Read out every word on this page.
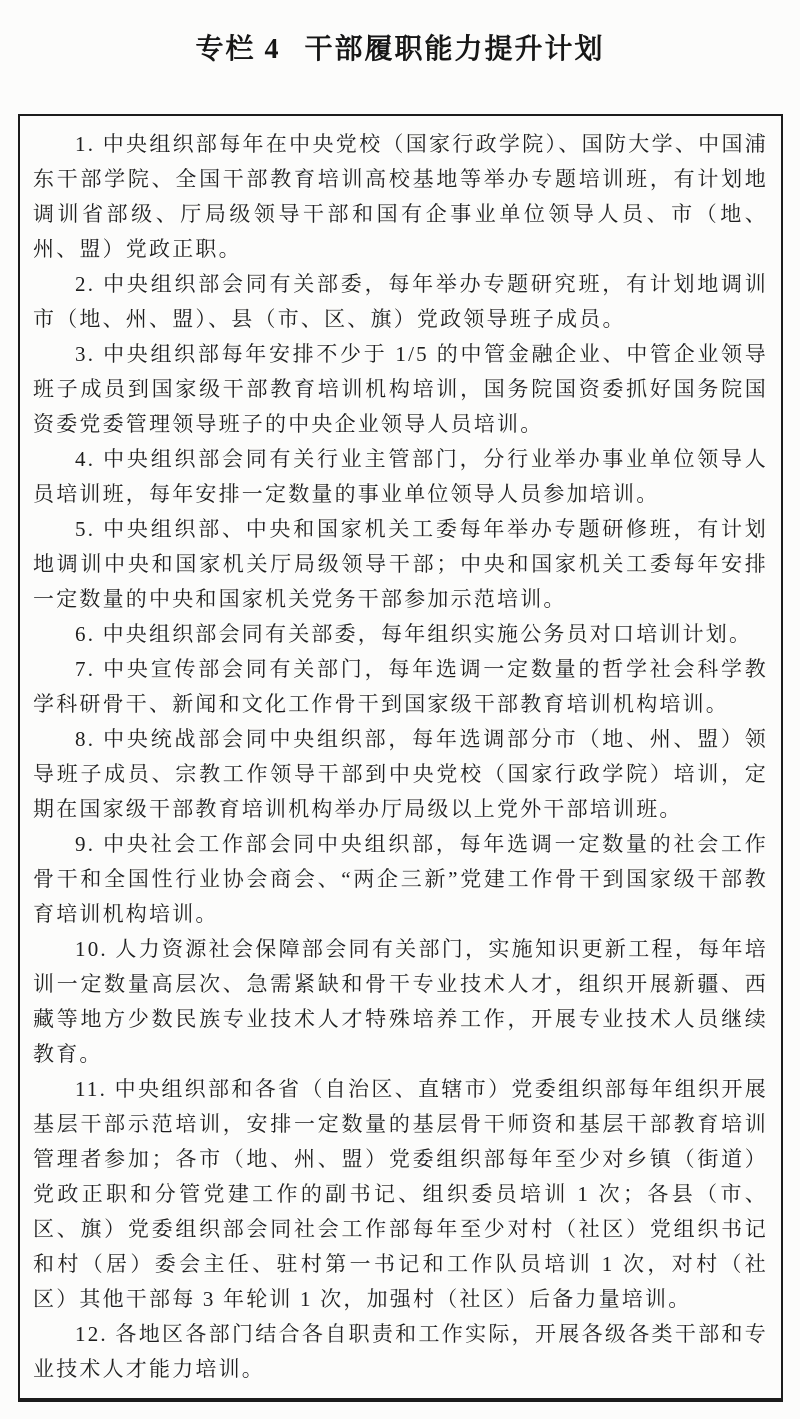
专栏 4 干部履职能力提升计划

1. 中央组织部每年在中央党校（国家行政学院）、国防大学、中国浦东干部学院、全国干部教育培训高校基地等举办专题培训班，有计划地调训省部级、厅局级领导干部和国有企事业单位领导人员、市（地、州、盟）党政正职。

2. 中央组织部会同有关部委，每年举办专题研究班，有计划地调训市（地、州、盟）、县（市、区、旗）党政领导班子成员。

3. 中央组织部每年安排不少于 1/5 的中管金融企业、中管企业领导班子成员到国家级干部教育培训机构培训，国务院国资委抓好国务院国资委党委管理领导班子的中央企业领导人员培训。

4. 中央组织部会同有关行业主管部门，分行业举办事业单位领导人员培训班，每年安排一定数量的事业单位领导人员参加培训。

5. 中央组织部、中央和国家机关工委每年举办专题研修班，有计划地调训中央和国家机关厅局级领导干部；中央和国家机关工委每年安排一定数量的中央和国家机关党务干部参加示范培训。

6. 中央组织部会同有关部委，每年组织实施公务员对口培训计划。

7. 中央宣传部会同有关部门，每年选调一定数量的哲学社会科学教学科研骨干、新闻和文化工作骨干到国家级干部教育培训机构培训。

8. 中央统战部会同中央组织部，每年选调部分市（地、州、盟）领导班子成员、宗教工作领导干部到中央党校（国家行政学院）培训，定期在国家级干部教育培训机构举办厅局级以上党外干部培训班。

9. 中央社会工作部会同中央组织部，每年选调一定数量的社会工作骨干和全国性行业协会商会、“两企三新”党建工作骨干到国家级干部教育培训机构培训。

10. 人力资源社会保障部会同有关部门，实施知识更新工程，每年培训一定数量高层次、急需紧缺和骨干专业技术人才，组织开展新疆、西藏等地方少数民族专业技术人才特殊培养工作，开展专业技术人员继续教育。

11. 中央组织部和各省（自治区、直辖市）党委组织部每年组织开展基层干部示范培训，安排一定数量的基层骨干师资和基层干部教育培训管理者参加；各市（地、州、盟）党委组织部每年至少对乡镇（街道）党政正职和分管党建工作的副书记、组织委员培训 1 次；各县（市、区、旗）党委组织部会同社会工作部每年至少对村（社区）党组织书记和村（居）委会主任、驻村第一书记和工作队员培训 1 次，对村（社区）其他干部每 3 年轮训 1 次，加强村（社区）后备力量培训。

12. 各地区各部门结合各自职责和工作实际，开展各级各类干部和专业技术人才能力培训。
